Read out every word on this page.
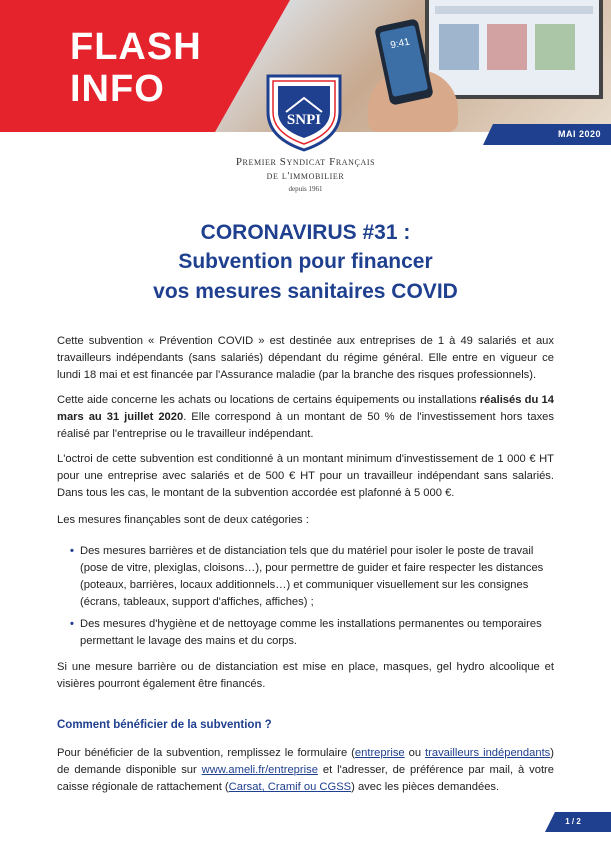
9:41
FLASH
INFO
MAI 2020
SNPI
Premier Syndicat Français
de l'immobilier
depuis 1961
CORONAVIRUS #31 :
Subvention pour financer
vos mesures sanitaires COVID

Cette subvention « Prévention COVID » est destinée aux entreprises de 1 à 49 salariés et aux travailleurs indépendants (sans salariés) dépendant du régime général. Elle entre en vigueur ce lundi 18 mai et est financée par l'Assurance maladie (par la branche des risques professionnels).

Cette aide concerne les achats ou locations de certains équipements ou installations réalisés du 14 mars au 31 juillet 2020. Elle correspond à un montant de 50 % de l'investissement hors taxes réalisé par l'entreprise ou le travailleur indépendant.

L'octroi de cette subvention est conditionné à un montant minimum d'investissement de 1 000 € HT pour une entreprise avec salariés et de 500 € HT pour un travailleur indépendant sans salariés. Dans tous les cas, le montant de la subvention accordée est plafonné à 5 000 €.

Les mesures finançables sont de deux catégories :

• Des mesures barrières et de distanciation tels que du matériel pour isoler le poste de travail (pose de vitre, plexiglas, cloisons…), pour permettre de guider et faire respecter les distances (poteaux, barrières, locaux additionnels…) et communiquer visuellement sur les consignes (écrans, tableaux, support d'affiches, affiches) ;
• Des mesures d'hygiène et de nettoyage comme les installations permanentes ou temporaires permettant le lavage des mains et du corps.

Si une mesure barrière ou de distanciation est mise en place, masques, gel hydro alcoolique et visières pourront également être financés.

Comment bénéficier de la subvention ?

Pour bénéficier de la subvention, remplissez le formulaire (entreprise ou travailleurs indépendants) de demande disponible sur www.ameli.fr/entreprise et l'adresser, de préférence par mail, à votre caisse régionale de rattachement (Carsat, Cramif ou CGSS) avec les pièces demandées.

1 / 2
